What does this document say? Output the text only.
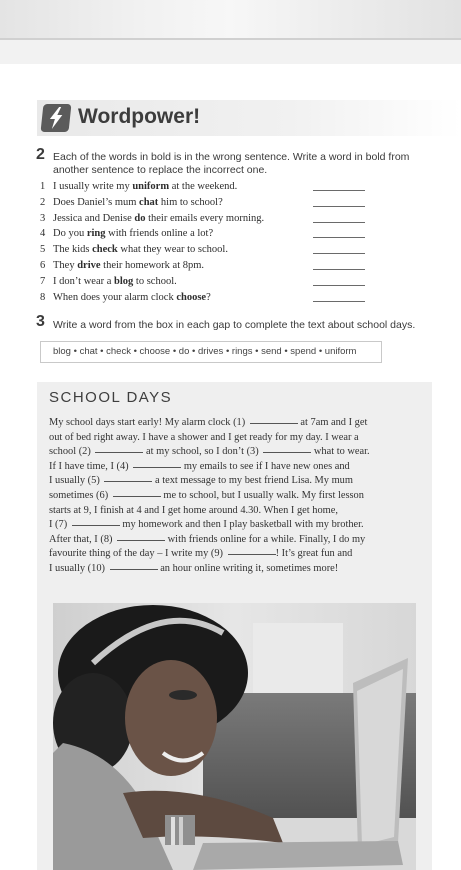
Wordpower!
2 Each of the words in bold is in the wrong sentence. Write a word in bold from
another sentence to replace the incorrect one.
1 I usually write my uniform at the weekend.
2 Does Daniel’s mum chat him to school?
3 Jessica and Denise do their emails every morning.
4 Do you ring with friends online a lot?
5 The kids check what they wear to school.
6 They drive their homework at 8pm.
7 I don’t wear a blog to school.
8 When does your alarm clock choose?
3 Write a word from the box in each gap to complete the text about school days.
blog • chat • check • choose • do • drives • rings • send • spend • uniform
SCHOOL DAYS
My school days start early! My alarm clock (1)	at 7am and I get
out of bed right away. I have a shower and I get ready for my day. I wear a
school (2)	at my school, so I don’t (3)	what to wear.
If I have time, I (4)	my emails to see if I have new ones and
I usually (5)	a text message to my best friend Lisa. My mum
sometimes (6)	me to school, but I usually walk. My first lesson
starts at 9, I finish at 4 and I get home around 4.30. When I get home,
I (7)	my homework and then I play basketball with my brother.
After that, I (8)	with friends online for a while. Finally, I do my
favourite thing of the day – I write my (9)	! It’s great fun and
I usually (10)	an hour online writing it, sometimes more!
